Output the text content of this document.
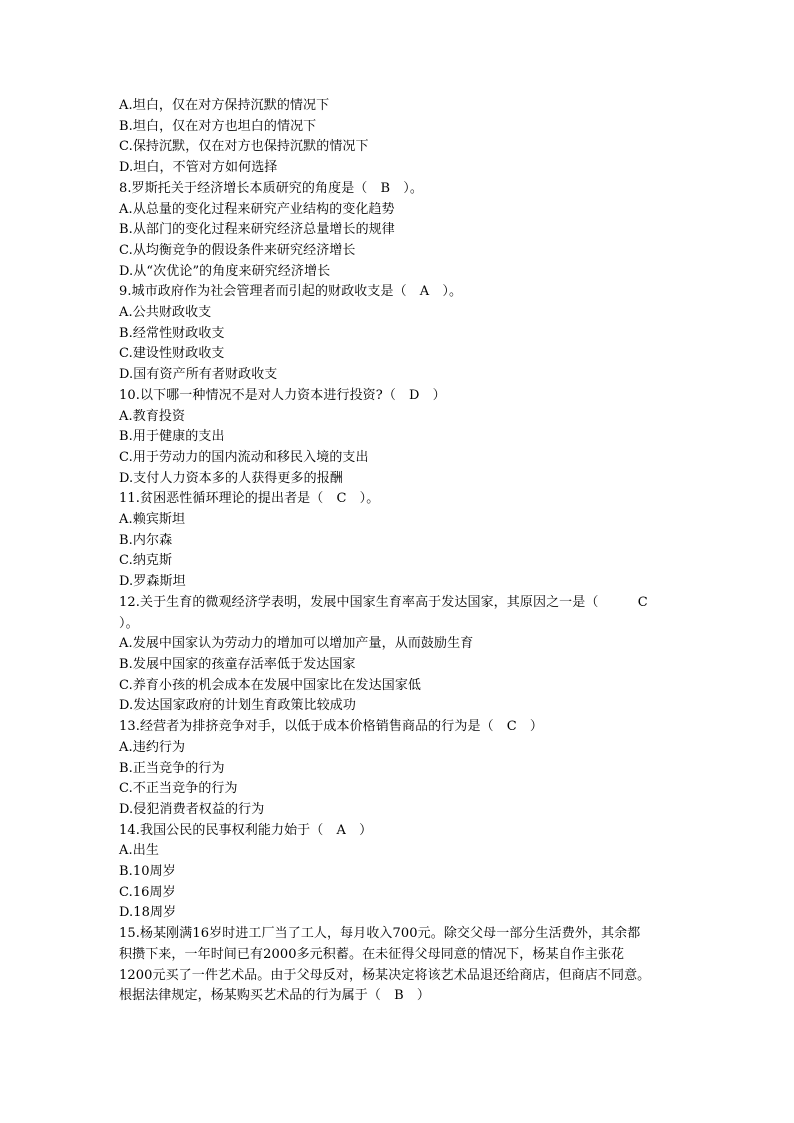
A.坦白，仅在对方保持沉默的情况下
B.坦白，仅在对方也坦白的情况下
C.保持沉默，仅在对方也保持沉默的情况下
D.坦白，不管对方如何选择
8.罗斯托关于经济增长本质研究的角度是（　B　）。
A.从总量的变化过程来研究产业结构的变化趋势
B.从部门的变化过程来研究经济总量增长的规律
C.从均衡竞争的假设条件来研究经济增长
D.从“次优论”的角度来研究经济增长
9.城市政府作为社会管理者而引起的财政收支是（　A　）。
A.公共财政收支
B.经常性财政收支
C.建设性财政收支
D.国有资产所有者财政收支
10.以下哪一种情况不是对人力资本进行投资?（　D　）
A.教育投资
B.用于健康的支出
C.用于劳动力的国内流动和移民入境的支出
D.支付人力资本多的人获得更多的报酬
11.贫困恶性循环理论的提出者是（　C　）。
A.赖宾斯坦
B.内尔森
C.纳克斯
D.罗森斯坦
12.关于生育的微观经济学表明，发展中国家生育率高于发达国家，其原因之一是（　　　C
）。
A.发展中国家认为劳动力的增加可以增加产量，从而鼓励生育
B.发展中国家的孩童存活率低于发达国家
C.养育小孩的机会成本在发展中国家比在发达国家低
D.发达国家政府的计划生育政策比较成功
13.经营者为排挤竞争对手，以低于成本价格销售商品的行为是（　C　）
A.违约行为
B.正当竞争的行为
C.不正当竞争的行为
D.侵犯消费者权益的行为
14.我国公民的民事权利能力始于（　A　）
A.出生
B.10周岁
C.16周岁
D.18周岁
15.杨某刚满16岁时进工厂当了工人，每月收入700元。除交父母一部分生活费外，其余都
积攒下来，一年时间已有2000多元积蓄。在未征得父母同意的情况下，杨某自作主张花
1200元买了一件艺术品。由于父母反对，杨某决定将该艺术品退还给商店，但商店不同意。
根据法律规定，杨某购买艺术品的行为属于（　B　）
